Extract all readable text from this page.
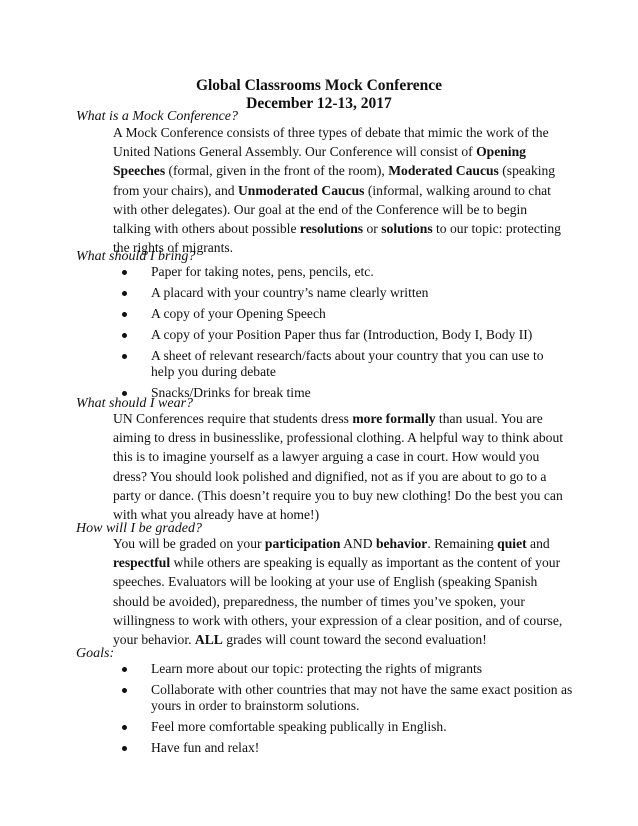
Global Classrooms Mock Conference
December 12-13, 2017
What is a Mock Conference?
A Mock Conference consists of three types of debate that mimic the work of the
United Nations General Assembly. Our Conference will consist of Opening
Speeches (formal, given in the front of the room), Moderated Caucus (speaking
from your chairs), and Unmoderated Caucus (informal, walking around to chat
with other delegates). Our goal at the end of the Conference will be to begin
talking with others about possible resolutions or solutions to our topic: protecting
the rights of migrants.
What should I bring?
Paper for taking notes, pens, pencils, etc.
A placard with your country’s name clearly written
A copy of your Opening Speech
A copy of your Position Paper thus far (Introduction, Body I, Body II)
A sheet of relevant research/facts about your country that you can use to
help you during debate
Snacks/Drinks for break time
What should I wear?
UN Conferences require that students dress more formally than usual. You are
aiming to dress in businesslike, professional clothing. A helpful way to think about
this is to imagine yourself as a lawyer arguing a case in court. How would you
dress? You should look polished and dignified, not as if you are about to go to a
party or dance. (This doesn’t require you to buy new clothing! Do the best you can
with what you already have at home!)
How will I be graded?
You will be graded on your participation AND behavior. Remaining quiet and
respectful while others are speaking is equally as important as the content of your
speeches. Evaluators will be looking at your use of English (speaking Spanish
should be avoided), preparedness, the number of times you’ve spoken, your
willingness to work with others, your expression of a clear position, and of course,
your behavior. ALL grades will count toward the second evaluation!
Goals:
Learn more about our topic: protecting the rights of migrants
Collaborate with other countries that may not have the same exact position as
yours in order to brainstorm solutions.
Feel more comfortable speaking publically in English.
Have fun and relax!
